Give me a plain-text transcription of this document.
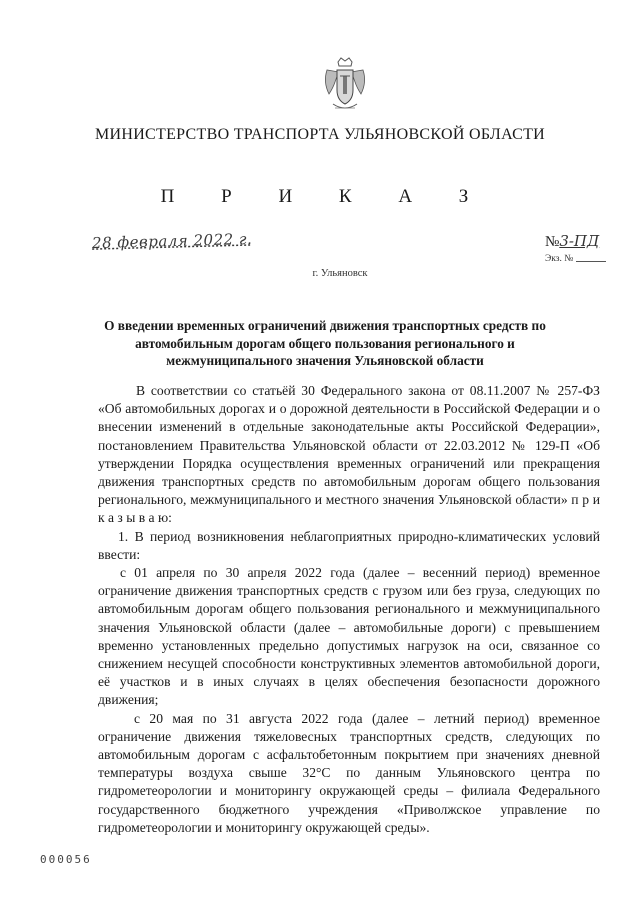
МИНИСТЕРСТВО ТРАНСПОРТА УЛЬЯНОВСКОЙ ОБЛАСТИ
П Р И К А З
28 февраля 2022 г.	№3-ПД
Экз. №
г. Ульяновск
О введении временных ограничений движения транспортных средств по автомобильным дорогам общего пользования регионального и межмуниципального значения Ульяновской области

В соответствии со статьёй 30 Федерального закона от 08.11.2007 № 257-ФЗ «Об автомобильных дорогах и о дорожной деятельности в Российской Федерации и о внесении изменений в отдельные законодательные акты Российской Федерации», постановлением Правительства Ульяновской области от 22.03.2012 № 129-П «Об утверждении Порядка осуществления временных ограничений или прекращения движения транспортных средств по автомобильным дорогам общего пользования регионального, межмуниципального и местного значения Ульяновской области» п р и к а з ы в а ю:

1. В период возникновения неблагоприятных природно-климатических условий ввести:

с 01 апреля по 30 апреля 2022 года (далее – весенний период) временное ограничение движения транспортных средств с грузом или без груза, следующих по автомобильным дорогам общего пользования регионального и межмуниципального значения Ульяновской области (далее – автомобильные дороги) с превышением временно установленных предельно допустимых нагрузок на оси, связанное со снижением несущей способности конструктивных элементов автомобильной дороги, её участков и в иных случаях в целях обеспечения безопасности дорожного движения;

с 20 мая по 31 августа 2022 года (далее – летний период) временное ограничение движения тяжеловесных транспортных средств, следующих по автомобильным дорогам с асфальтобетонным покрытием при значениях дневной температуры воздуха свыше 32°С по данным Ульяновского центра по гидрометеорологии и мониторингу окружающей среды – филиала Федерального государственного бюджетного учреждения «Приволжское управление по гидрометеорологии и мониторингу окружающей среды».

000056
